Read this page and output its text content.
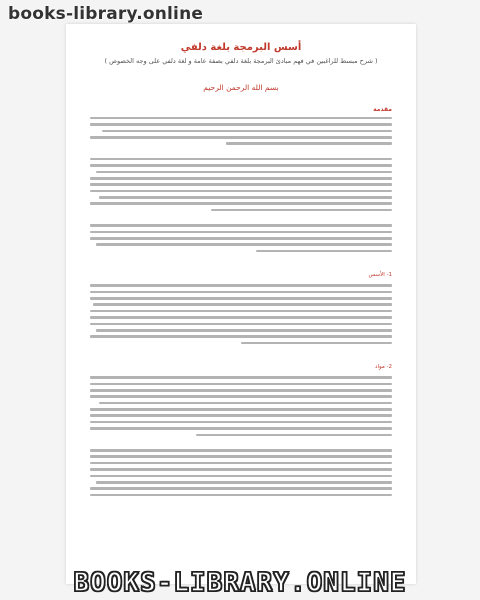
books-library.online
أسس البرمجة بلغة دلفي
( شرح مبسط للراغبين في فهم مبادئ البرمجة بلغة دلفي بصفة عامة و لغة دلفي على وجه الخصوص )
بسم الله الرحمن الرحيم
مقدمة
1- الأسس
2- مواد
BOOKS-LIBRARY.ONLINE
